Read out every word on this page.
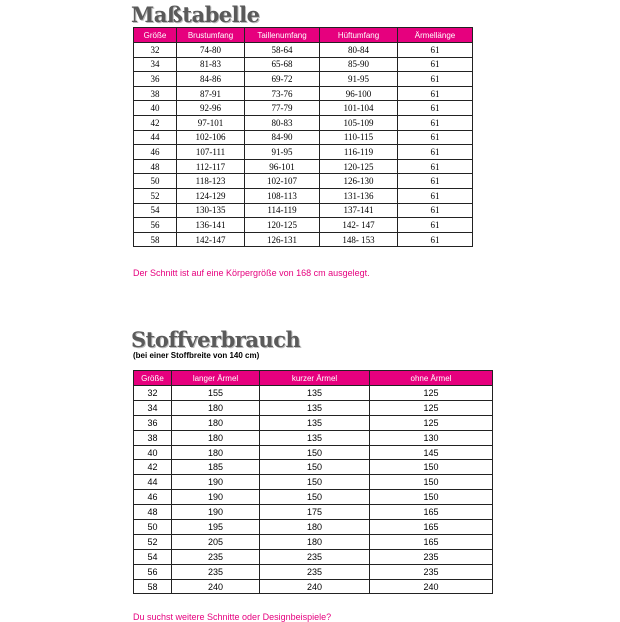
Maßtabelle
Größe	Brustumfang	Taillenumfang	Hüftumfang	Ärmellänge
32	74-80	58-64	80-84	61
34	81-83	65-68	85-90	61
36	84-86	69-72	91-95	61
38	87-91	73-76	96-100	61
40	92-96	77-79	101-104	61
42	97-101	80-83	105-109	61
44	102-106	84-90	110-115	61
46	107-111	91-95	116-119	61
48	112-117	96-101	120-125	61
50	118-123	102-107	126-130	61
52	124-129	108-113	131-136	61
54	130-135	114-119	137-141	61
56	136-141	120-125	142- 147	61
58	142-147	126-131	148- 153	61
Der Schnitt ist auf eine Körpergröße von 168 cm ausgelegt.
Stoffverbrauch
(bei einer Stoffbreite von 140 cm)
Größe	langer Ärmel	kurzer Ärmel	ohne Ärmel
32	155	135	125
34	180	135	125
36	180	135	125
38	180	135	130
40	180	150	145
42	185	150	150
44	190	150	150
46	190	150	150
48	190	175	165
50	195	180	165
52	205	180	165
54	235	235	235
56	235	235	235
58	240	240	240
Du suchst weitere Schnitte oder Designbeispiele?
